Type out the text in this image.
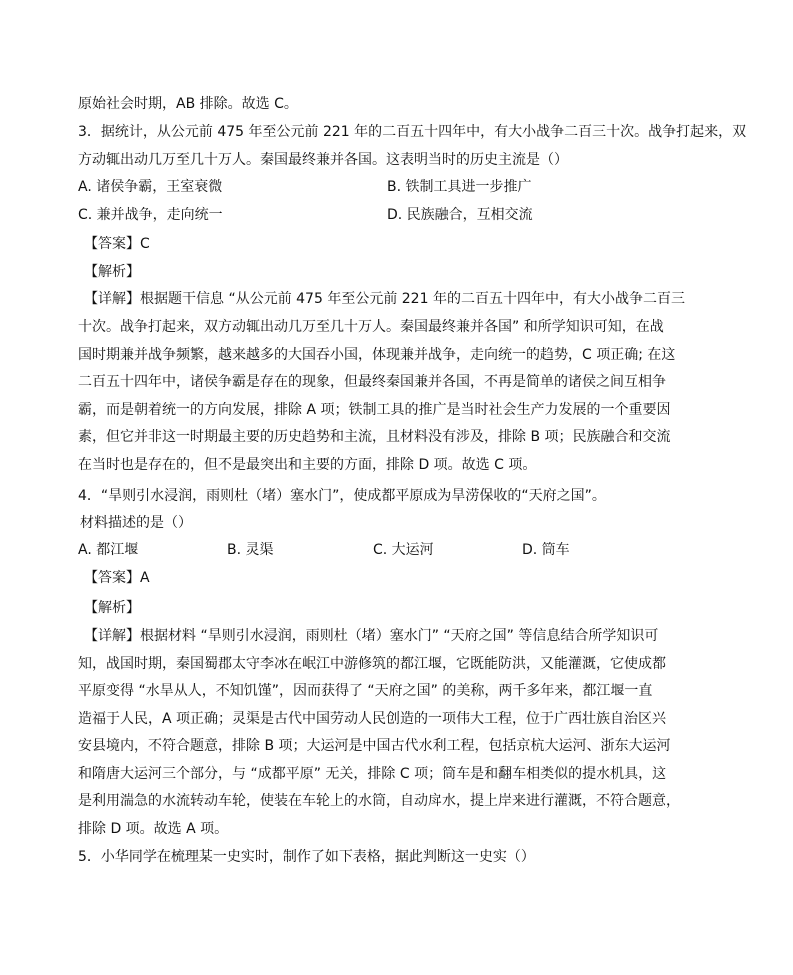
原始社会时期，AB 排除。故选 C。
3．据统计，从公元前 475 年至公元前 221 年的二百五十四年中，有大小战争二百三十次。战争打起来，双
方动辄出动几万至几十万人。秦国最终兼并各国。这表明当时的历史主流是（）
A. 诸侯争霸，王室衰微	B. 铁制工具进一步推广
C. 兼并战争，走向统一	D. 民族融合，互相交流
【答案】C
【解析】
【详解】根据题干信息 “从公元前 475 年至公元前 221 年的二百五十四年中，有大小战争二百三
十次。战争打起来，双方动辄出动几万至几十万人。秦国最终兼并各国” 和所学知识可知，在战
国时期兼并战争频繁，越来越多的大国吞小国，体现兼并战争，走向统一的趋势，C 项正确; 在这
二百五十四年中，诸侯争霸是存在的现象，但最终秦国兼并各国，不再是简单的诸侯之间互相争
霸，而是朝着统一的方向发展，排除 A 项；铁制工具的推广是当时社会生产力发展的一个重要因
素，但它并非这一时期最主要的历史趋势和主流，且材料没有涉及，排除 B 项；民族融合和交流
在当时也是存在的，但不是最突出和主要的方面，排除 D 项。故选 C 项。
4．“旱则引水浸润，雨则杜（堵）塞水门”，使成都平原成为旱涝保收的“天府之国”。
材料描述的是（）
A. 都江堰	B. 灵渠	C. 大运河	D. 筒车
【答案】A
【解析】
【详解】根据材料 “旱则引水浸润，雨则杜（堵）塞水门” “天府之国” 等信息结合所学知识可
知，战国时期，秦国蜀郡太守李冰在岷江中游修筑的都江堰，它既能防洪，又能灌溉，它使成都
平原变得 “水旱从人，不知饥馑”，因而获得了 “天府之国” 的美称，两千多年来，都江堰一直
造福于人民，A 项正确；灵渠是古代中国劳动人民创造的一项伟大工程，位于广西壮族自治区兴
安县境内，不符合题意，排除 B 项；大运河是中国古代水利工程，包括京杭大运河、浙东大运河
和隋唐大运河三个部分，与 “成都平原” 无关，排除 C 项；筒车是和翻车相类似的提水机具，这
是利用湍急的水流转动车轮，使装在车轮上的水筒，自动戽水，提上岸来进行灌溉，不符合题意，
排除 D 项。故选 A 项。
5．小华同学在梳理某一史实时，制作了如下表格，据此判断这一史实（）
